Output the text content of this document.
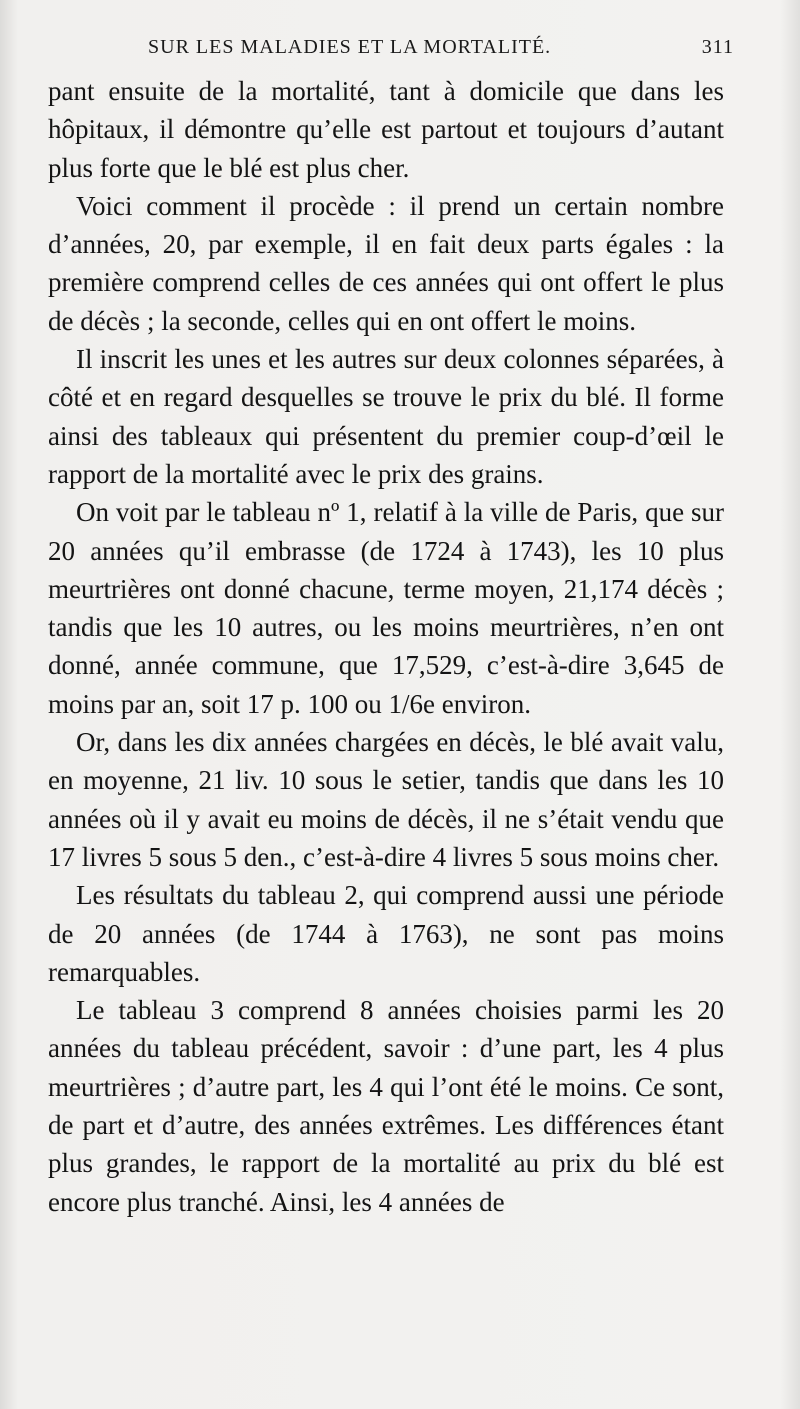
SUR LES MALADIES ET LA MORTALITÉ.	311

pant ensuite de la mortalité, tant à domicile que dans les hôpitaux, il démontre qu’elle est partout et toujours d’autant plus forte que le blé est plus cher.

Voici comment il procède : il prend un certain nombre d’années, 20, par exemple, il en fait deux parts égales : la première comprend celles de ces années qui ont offert le plus de décès ; la seconde, celles qui en ont offert le moins.

Il inscrit les unes et les autres sur deux colonnes séparées, à côté et en regard desquelles se trouve le prix du blé. Il forme ainsi des tableaux qui présentent du premier coup-d’œil le rapport de la mortalité avec le prix des grains.

On voit par le tableau nº 1, relatif à la ville de Paris, que sur 20 années qu’il embrasse (de 1724 à 1743), les 10 plus meurtrières ont donné chacune, terme moyen, 21,174 décès ; tandis que les 10 autres, ou les moins meurtrières, n’en ont donné, année commune, que 17,529, c’est-à-dire 3,645 de moins par an, soit 17 p. 100 ou 1/6e environ.

Or, dans les dix années chargées en décès, le blé avait valu, en moyenne, 21 liv. 10 sous le setier, tandis que dans les 10 années où il y avait eu moins de décès, il ne s’était vendu que 17 livres 5 sous 5 den., c’est-à-dire 4 livres 5 sous moins cher.

Les résultats du tableau 2, qui comprend aussi une période de 20 années (de 1744 à 1763), ne sont pas moins remarquables.

Le tableau 3 comprend 8 années choisies parmi les 20 années du tableau précédent, savoir : d’une part, les 4 plus meurtrières ; d’autre part, les 4 qui l’ont été le moins. Ce sont, de part et d’autre, des années extrêmes. Les différences étant plus grandes, le rapport de la mortalité au prix du blé est encore plus tranché. Ainsi, les 4 années de
